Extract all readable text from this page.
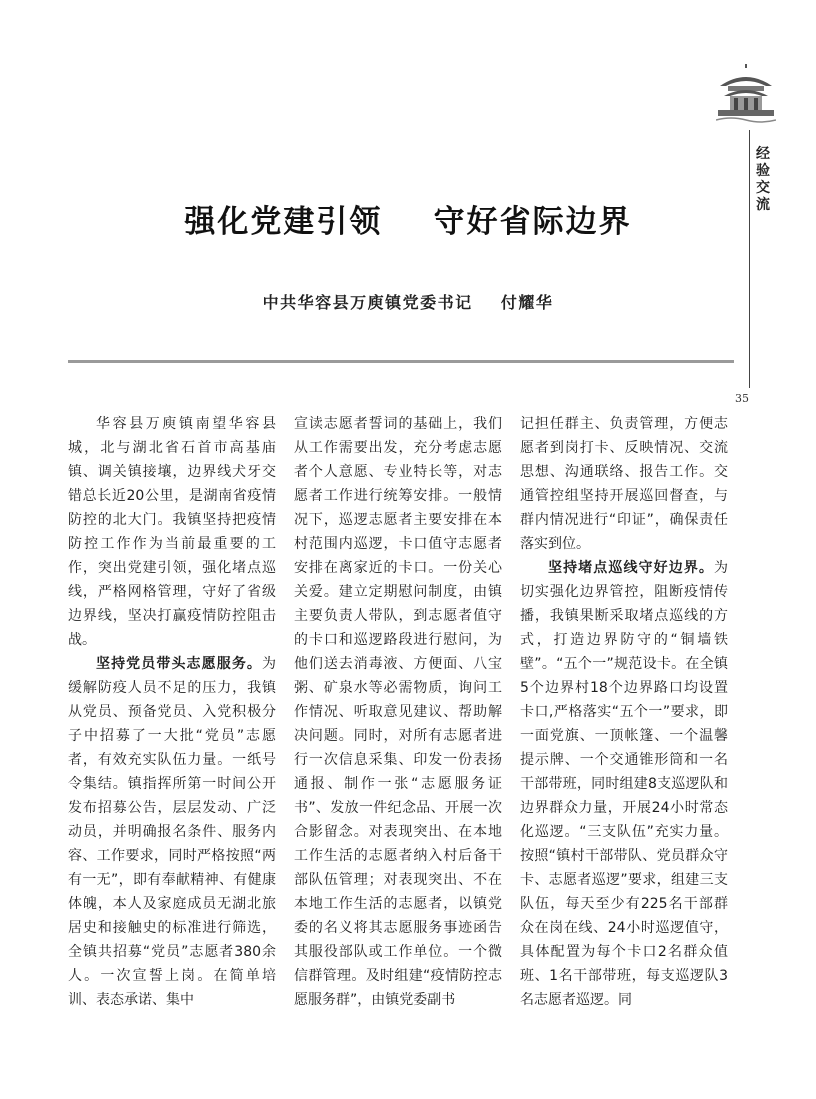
经
验
交
流
35
强化党建引领    守好省际边界
中共华容县万庾镇党委书记    付耀华

华容县万庾镇南望华容县城，北与湖北省石首市高基庙镇、调关镇接壤，边界线犬牙交错总长近20公里，是湖南省疫情防控的北大门。我镇坚持把疫情防控工作作为当前最重要的工作，突出党建引领，强化堵点巡线，严格网格管理，守好了省级边界线，坚决打赢疫情防控阻击战。

坚持党员带头志愿服务。为缓解防疫人员不足的压力，我镇从党员、预备党员、入党积极分子中招募了一大批“党员”志愿者，有效充实队伍力量。一纸号令集结。镇指挥所第一时间公开发布招募公告，层层发动、广泛动员，并明确报名条件、服务内容、工作要求，同时严格按照“两有一无”，即有奉献精神、有健康体魄，本人及家庭成员无湖北旅居史和接触史的标准进行筛选，全镇共招募“党员”志愿者380余人。一次宣誓上岗。在简单培训、表态承诺、集中

宣读志愿者誓词的基础上，我们从工作需要出发，充分考虑志愿者个人意愿、专业特长等，对志愿者工作进行统筹安排。一般情况下，巡逻志愿者主要安排在本村范围内巡逻，卡口值守志愿者安排在离家近的卡口。一份关心关爱。建立定期慰问制度，由镇主要负责人带队，到志愿者值守的卡口和巡逻路段进行慰问，为他们送去消毒液、方便面、八宝粥、矿泉水等必需物质，询问工作情况、听取意见建议、帮助解决问题。同时，对所有志愿者进行一次信息采集、印发一份表扬通报、制作一张“志愿服务证书”、发放一件纪念品、开展一次合影留念。对表现突出、在本地工作生活的志愿者纳入村后备干部队伍管理；对表现突出、不在本地工作生活的志愿者，以镇党委的名义将其志愿服务事迹函告其服役部队或工作单位。一个微信群管理。及时组建“疫情防控志愿服务群”，由镇党委副书

记担任群主、负责管理，方便志愿者到岗打卡、反映情况、交流思想、沟通联络、报告工作。交通管控组坚持开展巡回督查，与群内情况进行“印证”，确保责任落实到位。

坚持堵点巡线守好边界。为切实强化边界管控，阻断疫情传播，我镇果断采取堵点巡线的方式，打造边界防守的“铜墙铁壁”。“五个一”规范设卡。在全镇5个边界村18个边界路口均设置卡口,严格落实“五个一”要求，即一面党旗、一顶帐篷、一个温馨提示牌、一个交通锥形筒和一名干部带班，同时组建8支巡逻队和边界群众力量，开展24小时常态化巡逻。“三支队伍”充实力量。按照“镇村干部带队、党员群众守卡、志愿者巡逻”要求，组建三支队伍，每天至少有225名干部群众在岗在线、24小时巡逻值守，具体配置为每个卡口2名群众值班、1名干部带班，每支巡逻队3名志愿者巡逻。同
